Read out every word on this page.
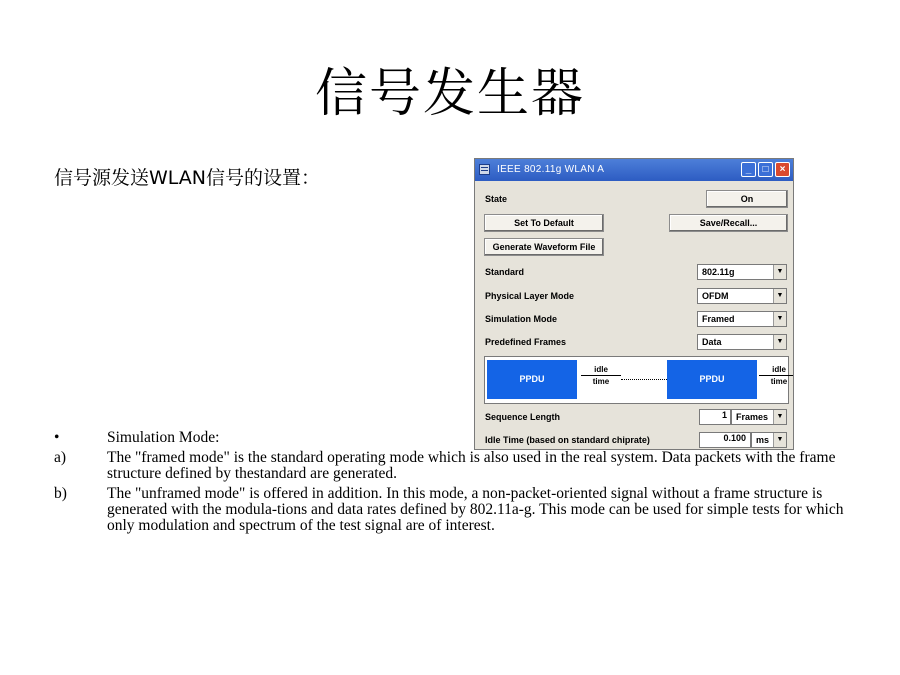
信号发生器
信号源发送WLAN信号的设置：	IEEE 802.11g WLAN A	_	□	×
State	On
Set To Default	Save/Recall...
Generate Waveform File
Standard	802.11g	▼
Physical Layer Mode	OFDM	▼
Simulation Mode	Framed	▼
Predefined Frames	Data	▼
PPDU
idle
time	PPDU
idle
time
Sequence Length	1	Frames	▼
Idle Time (based on standard chiprate)	0.100	ms	▼
•	Simulation Mode:
a)	The "framed mode" is the standard operating mode which is also used in the real system. Data packets with the frame structure defined by thestandard are generated.
b)	The "unframed mode" is offered in addition. In this mode, a non-packet-oriented signal without a frame structure is generated with the modula-tions and data rates defined by 802.11a-g. This mode can be used for simple tests for which only modulation and spectrum of the test signal are of interest.
